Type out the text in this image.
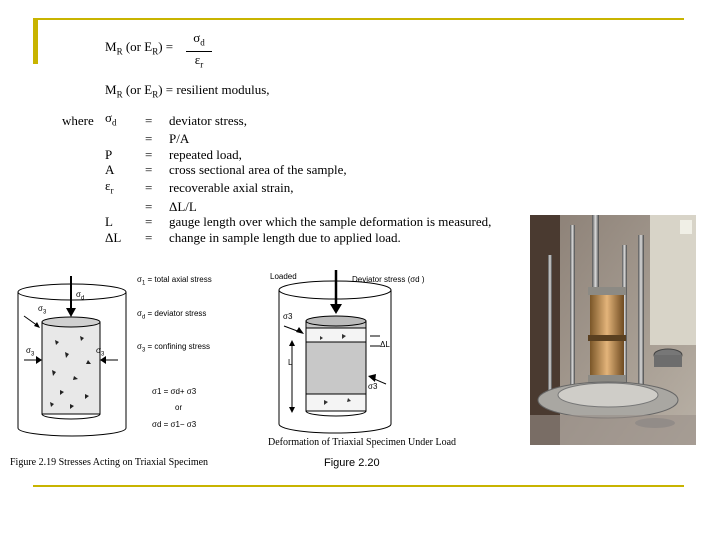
$M_R$ (or $E_R$) =
$\sigma_d$
$\varepsilon_r$
$M_R$ (or $E_R$) = resilient modulus,
where	$\sigma_d$	=	deviator stress,
		=	P/A
	P	=	repeated load,
	A	=	cross sectional area of the sample,
	$\varepsilon_r$	=	recoverable axial strain,
		=	ΔL/L
	L	=	gauge length over which the sample deformation is measured,
	ΔL	=	change in sample length due to applied load.
$\sigma_d$
$\sigma_3$
$\sigma_3$	$\sigma_3$
$\sigma_1$ = total axial stress
$\sigma_d$ = deviator stress
$\sigma_3$ = confining stress
σ1 = σd+ σ3
or
σd = σ1− σ3
Figure 2.19 Stresses Acting on Triaxial Specimen
Loaded	Deviator stress (σd )
σ3
ΔL
L
σ3
Deformation of Triaxial Specimen Under Load
Figure 2.20
